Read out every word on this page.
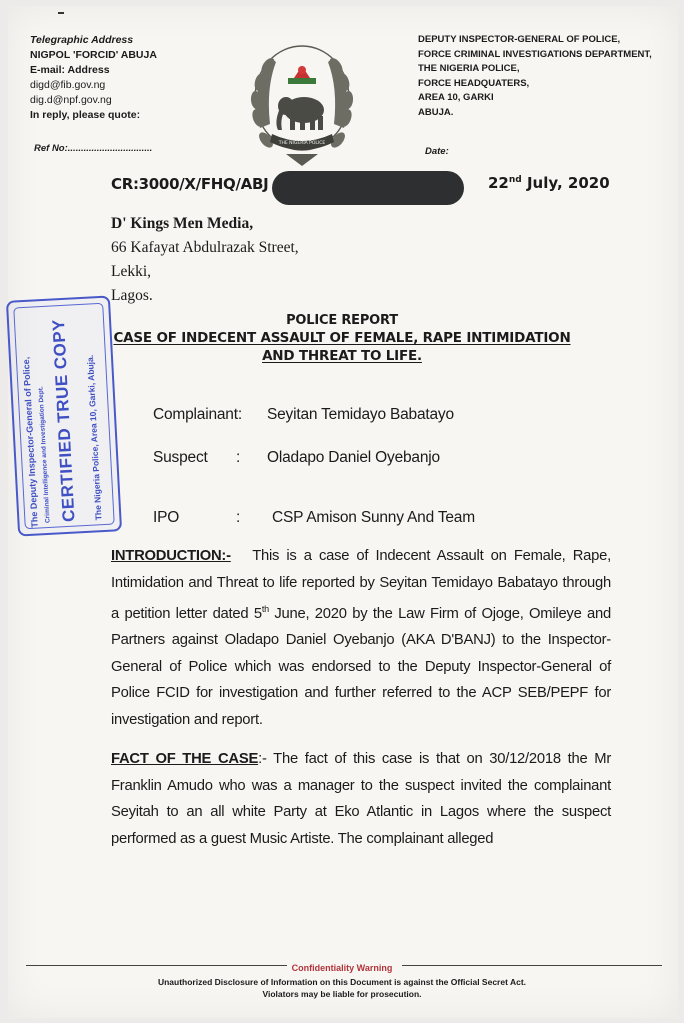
Telegraphic Address
NIGPOL 'FORCID' ABUJA
E-mail: Address
digd@fib.gov.ng
dig.d@npf.gov.ng
In reply, please quote:
Ref No:................................	THE NIGERIA POLICE
DEPUTY INSPECTOR-GENERAL OF POLICE,
FORCE CRIMINAL INVESTIGATIONS DEPARTMENT,
THE NIGERIA POLICE,
FORCE HEADQUATERS,
AREA 10, GARKI
ABUJA.
Date:
CR:3000/X/FHQ/ABJ	22nd July, 2020
D' Kings Men Media,
66 Kafayat Abdulrazak Street,
Lekki,
Lagos.
POLICE REPORT
CASE OF INDECENT ASSAULT OF FEMALE, RAPE INTIMIDATION
AND THREAT TO LIFE.
The Deputy Inspector-General of Police,
Criminal Intelligence and Investigation Dept.
CERTIFIED TRUE COPY The Nigeria Police, Area 10, Garki, Abuja.	Complainant: Seyitan Temidayo Babatayo
Suspect : Oladapo Daniel Oyebanjo
IPO	: CSP Amison Sunny And Team
INTRODUCTION:- This is a case of Indecent Assault on Female, Rape, Intimidation and Threat to life reported by Seyitan Temidayo Babatayo through a petition letter dated 5th June, 2020 by the Law Firm of Ojoge, Omileye and Partners against Oladapo Daniel Oyebanjo (AKA D'BANJ) to the Inspector-General of Police which was endorsed to the Deputy Inspector-General of Police FCID for investigation and further referred to the ACP SEB/PEPF for investigation and report.
FACT OF THE CASE:- The fact of this case is that on 30/12/2018 the Mr Franklin Amudo who was a manager to the suspect invited the complainant Seyitah to an all white Party at Eko Atlantic in Lagos where the suspect performed as a guest Music Artiste. The complainant alleged
Confidentiality Warning
Unauthorized Disclosure of Information on this Document is against the Official Secret Act.
Violators may be liable for prosecution.
